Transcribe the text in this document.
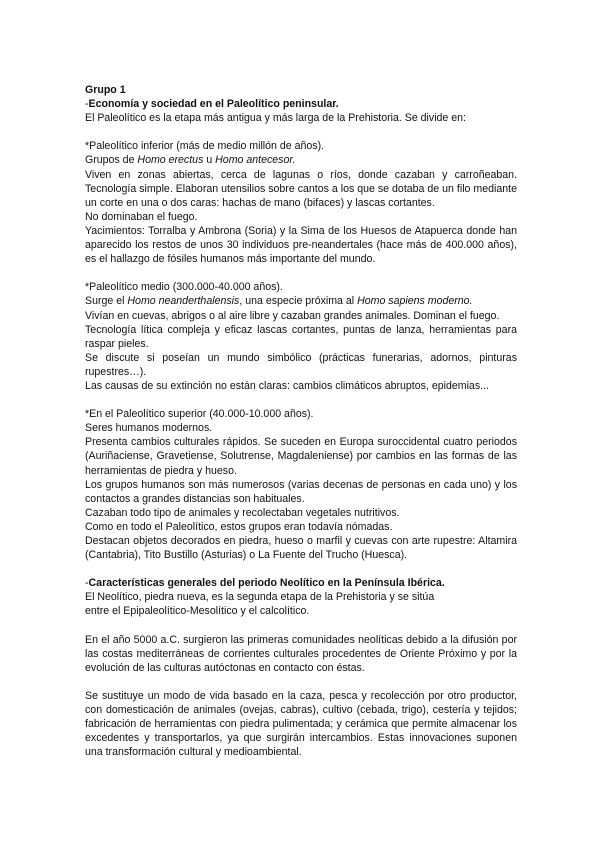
Grupo 1

-Economía y sociedad en el Paleolítico peninsular.

El Paleolítico es la etapa más antigua y más larga de la Prehistoria. Se divide en:

*Paleolítico inferior (más de medio millón de años).

Grupos de Homo erectus u Homo antecesor.

Viven en zonas abiertas, cerca de lagunas o ríos, donde cazaban y carroñeaban. Tecnología simple. Elaboran utensilios sobre cantos a los que se dotaba de un filo mediante un corte en una o dos caras: hachas de mano (bifaces) y lascas cortantes.

No dominaban el fuego.

Yacimientos: Torralba y Ambrona (Soria) y la Sima de los Huesos de Atapuerca donde han aparecido los restos de unos 30 individuos pre-neandertales (hace más de 400.000 años), es el hallazgo de fósiles humanos más importante del mundo.

*Paleolítico medio (300.000-40.000 años).

Surge el Homo neanderthalensis, una especie próxima al Homo sapiens moderno.

Vivían en cuevas, abrigos o al aire libre y cazaban grandes animales. Dominan el fuego.

Tecnología lítica compleja y eficaz lascas cortantes, puntas de lanza, herramientas para raspar pieles.

Se discute si poseían un mundo simbólico (prácticas funerarias, adornos, pinturas rupestres…).

Las causas de su extinción no están claras: cambios climáticos abruptos, epidemias...

*En el Paleolítico superior (40.000-10.000 años).

Seres humanos modernos.

Presenta cambios culturales rápidos. Se suceden en Europa suroccidental cuatro periodos (Auriñaciense, Gravetiense, Solutrense, Magdaleniense) por cambios en las formas de las herramientas de piedra y hueso.

Los grupos humanos son más numerosos (varias decenas de personas en cada uno) y los contactos a grandes distancias son habituales.

Cazaban todo tipo de animales y recolectaban vegetales nutritivos.

Como en todo el Paleolítico, estos grupos eran todavía nómadas.

Destacan objetos decorados en piedra, hueso o marfil y cuevas con arte rupestre: Altamira (Cantabria), Tito Bustillo (Asturias) o La Fuente del Trucho (Huesca).

-Características generales del periodo Neolítico en la Península Ibérica.

El Neolítico, piedra nueva, es la segunda etapa de la Prehistoria y se sitúa

entre el Epipaleolítico-Mesolítico y el calcolítico.

En el año 5000 a.C. surgieron las primeras comunidades neolíticas debido a la difusión por las costas mediterráneas de corrientes culturales procedentes de Oriente Próximo y por la evolución de las culturas autóctonas en contacto con éstas.

Se sustituye un modo de vida basado en la caza, pesca y recolección por otro productor, con domesticación de animales (ovejas, cabras), cultivo (cebada, trigo), cestería y tejidos; fabricación de herramientas con piedra pulimentada; y cerámica que permite almacenar los excedentes y transportarlos, ya que surgirán intercambios. Estas innovaciones suponen una transformación cultural y medioambiental.
